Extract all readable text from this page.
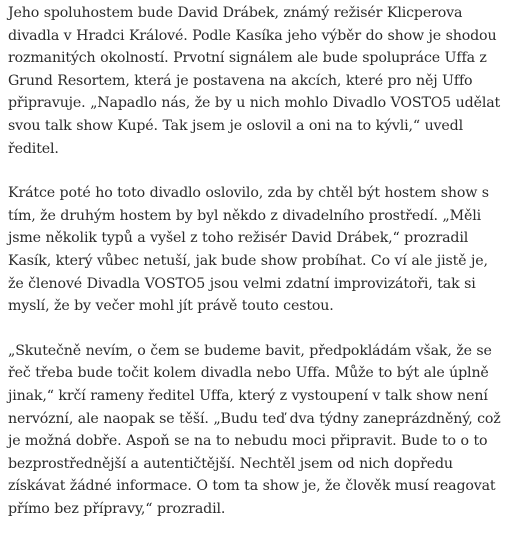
Jeho spoluhostem bude David Drábek, známý režisér Klicperova divadla v Hradci Králové. Podle Kasíka jeho výběr do show je shodou rozmanitých okolností. Prvotní signálem ale bude spolupráce Uffa z Grund Resortem, která je postavena na akcích, které pro něj Uffo připravuje. „Napadlo nás, že by u nich mohlo Divadlo VOSTO5 udělat svou talk show Kupé. Tak jsem je oslovil a oni na to kývli,“ uvedl ředitel.

Krátce poté ho toto divadlo oslovilo, zda by chtěl být hostem show s tím, že druhým hostem by byl někdo z divadelního prostředí. „Měli jsme několik typů a vyšel z toho režisér David Drábek,“ prozradil Kasík, který vůbec netuší, jak bude show probíhat. Co ví ale jistě je, že členové Divadla VOSTO5 jsou velmi zdatní improvizátoři, tak si myslí, že by večer mohl jít právě touto cestou.

„Skutečně nevím, o čem se budeme bavit, předpokládám však, že se řeč třeba bude točit kolem divadla nebo Uffa. Může to být ale úplně jinak,“ krčí rameny ředitel Uffa, který z vystoupení v talk show není nervózní, ale naopak se těší. „Budu teď dva týdny zaneprázdněný, což je možná dobře. Aspoň se na to nebudu moci připravit. Bude to o to bezprostřednější a autentičtější. Nechtěl jsem od nich dopředu získávat žádné informace. O tom ta show je, že člověk musí reagovat přímo bez přípravy,“ prozradil.
